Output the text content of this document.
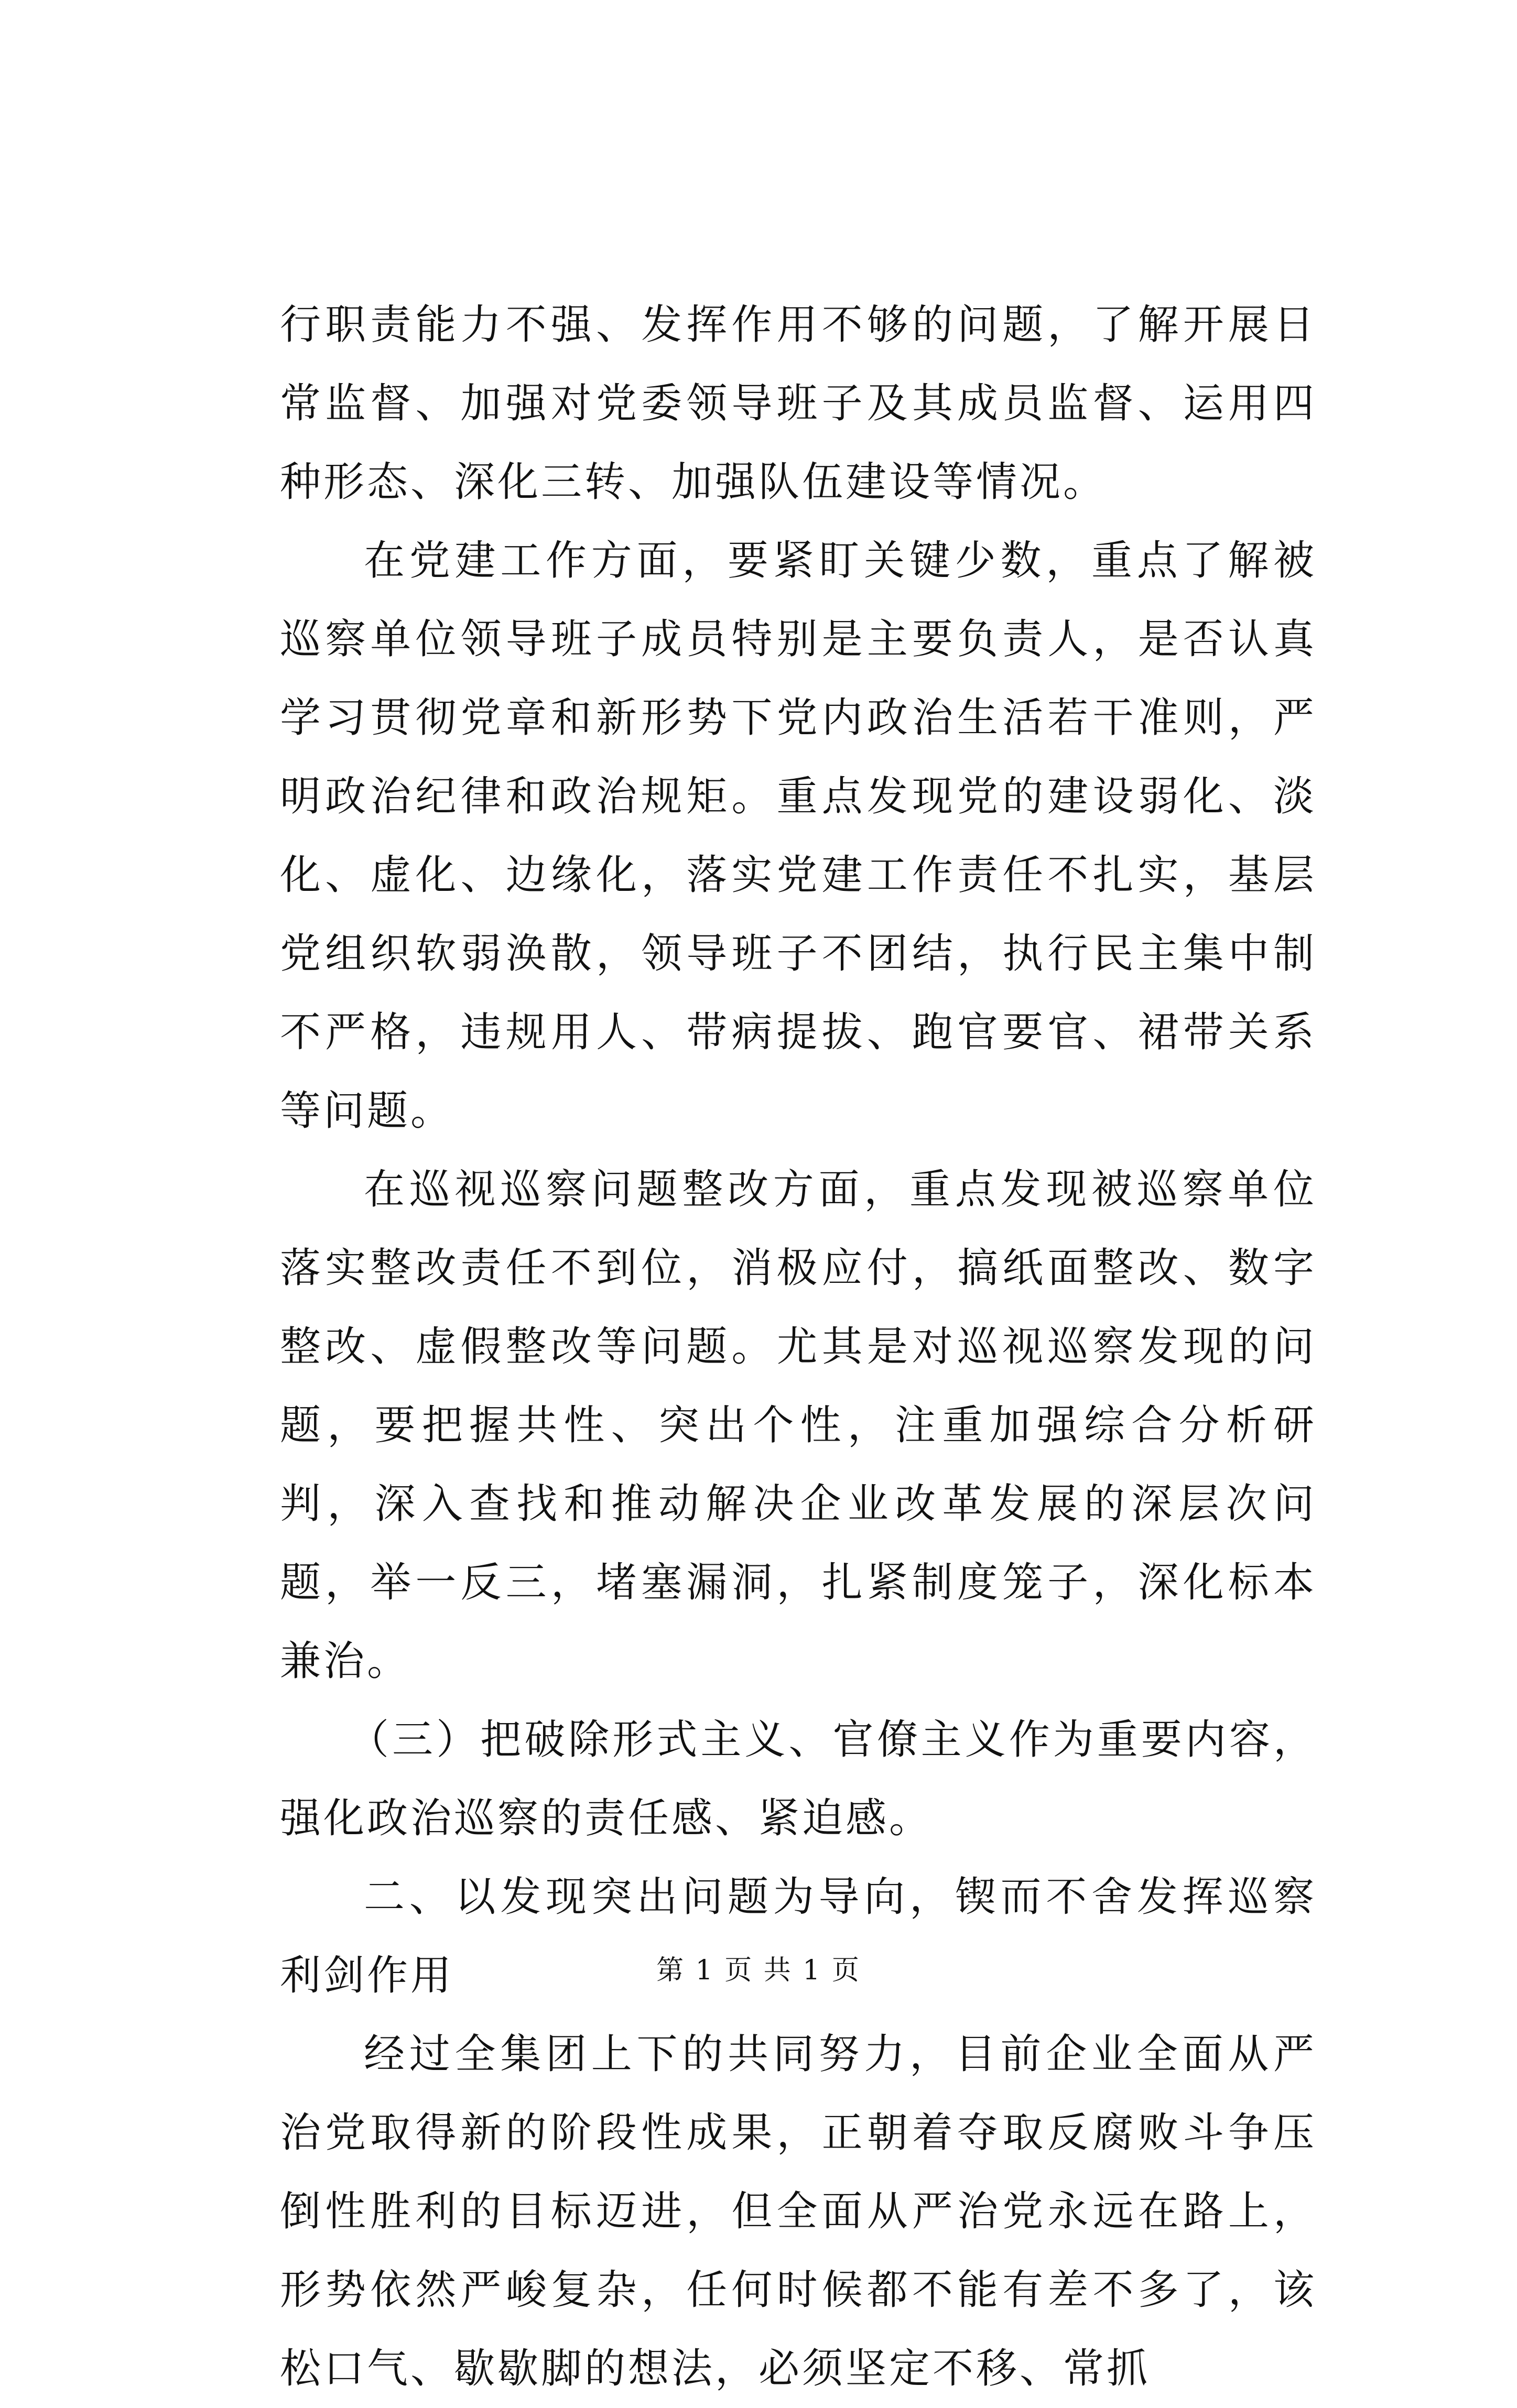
行职责能力不强、发挥作用不够的问题，了解开展日常监督、加强对党委领导班子及其成员监督、运用四种形态、深化三转、加强队伍建设等情况。

在党建工作方面，要紧盯关键少数，重点了解被巡察单位领导班子成员特别是主要负责人，是否认真学习贯彻党章和新形势下党内政治生活若干准则，严明政治纪律和政治规矩。重点发现党的建设弱化、淡化、虚化、边缘化，落实党建工作责任不扎实，基层党组织软弱涣散，领导班子不团结，执行民主集中制不严格，违规用人、带病提拔、跑官要官、裙带关系等问题。

在巡视巡察问题整改方面，重点发现被巡察单位落实整改责任不到位，消极应付，搞纸面整改、数字整改、虚假整改等问题。尤其是对巡视巡察发现的问题，要把握共性、突出个性，注重加强综合分析研判，深入查找和推动解决企业改革发展的深层次问题，举一反三，堵塞漏洞，扎紧制度笼子，深化标本兼治。

（三）把破除形式主义、官僚主义作为重要内容，强化政治巡察的责任感、紧迫感。

二、以发现突出问题为导向，锲而不舍发挥巡察利剑作用

经过全集团上下的共同努力，目前企业全面从严治党取得新的阶段性成果，正朝着夺取反腐败斗争压倒性胜利的目标迈进，但全面从严治党永远在路上，形势依然严峻复杂，任何时候都不能有差不多了，该松口气、歇歇脚的想法，必须坚定不移、常抓

第 1 页 共 1 页
